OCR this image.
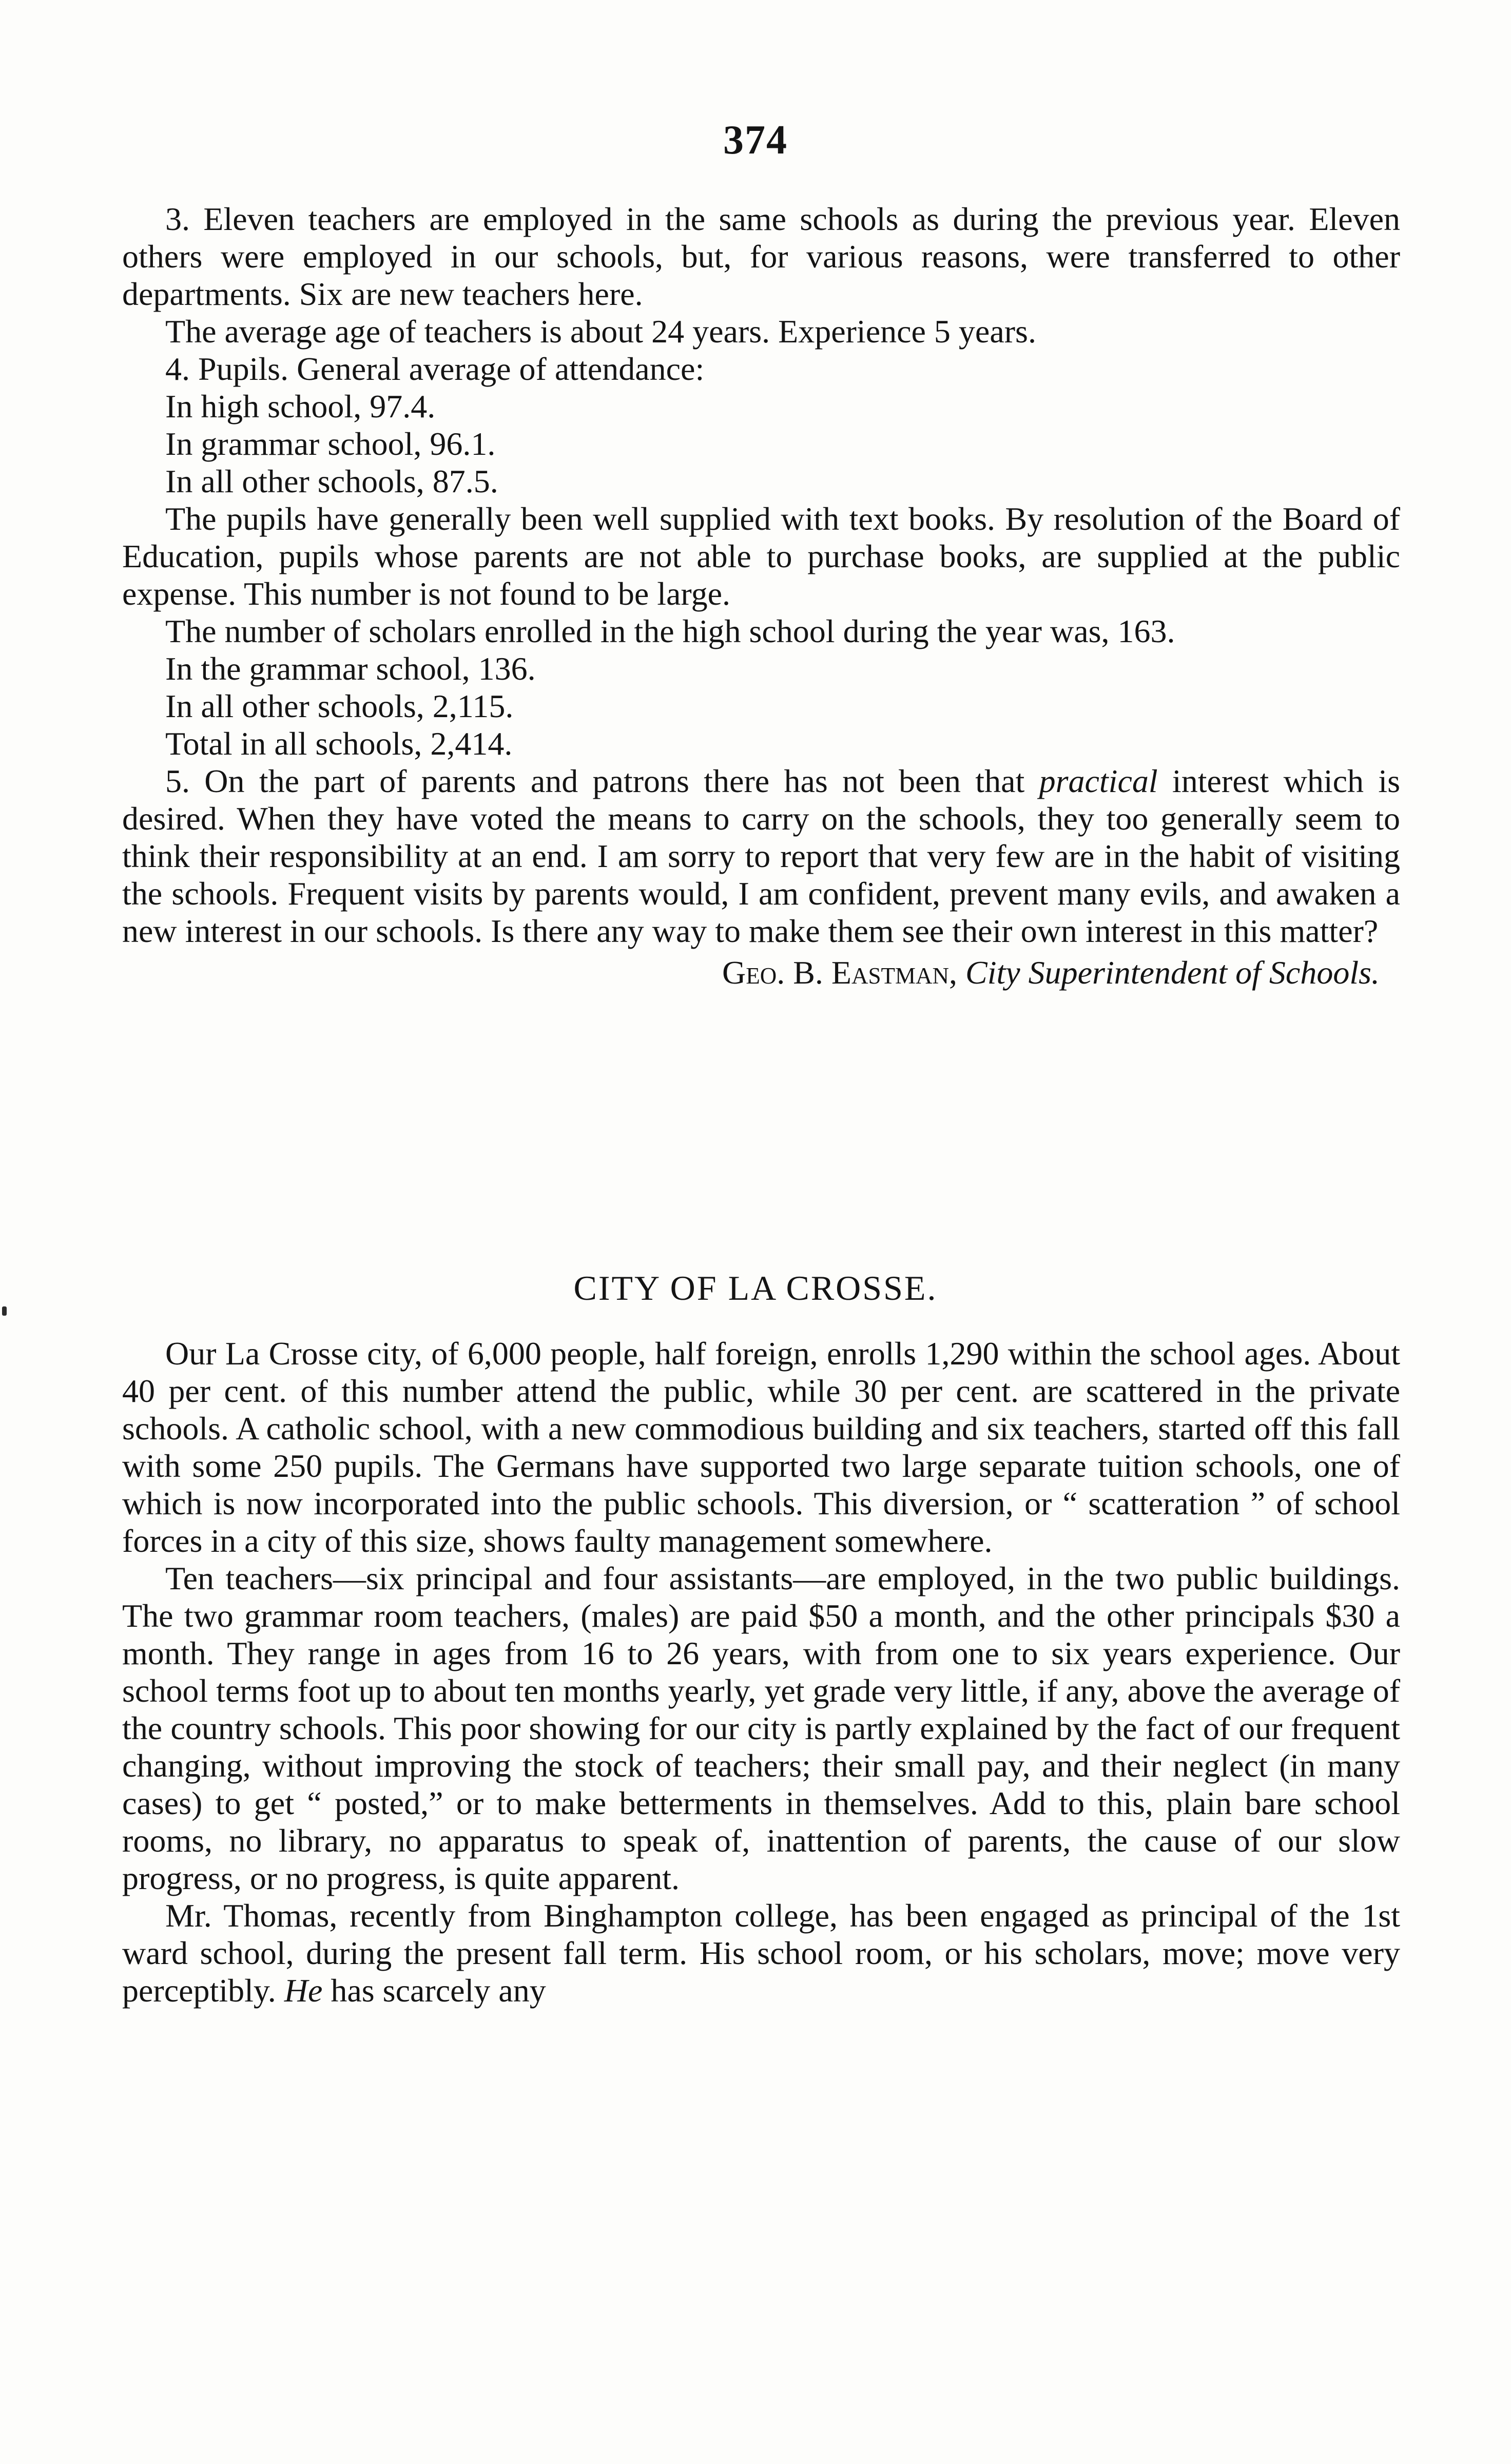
374

3. Eleven teachers are employed in the same schools as during the previous year. Eleven others were employed in our schools, but, for various reasons, were transferred to other departments. Six are new teachers here.

The average age of teachers is about 24 years. Experience 5 years.

4. Pupils. General average of attendance:

In high school, 97.4.

In grammar school, 96.1.

In all other schools, 87.5.

The pupils have generally been well supplied with text books. By resolution of the Board of Education, pupils whose parents are not able to purchase books, are supplied at the public expense. This number is not found to be large.

The number of scholars enrolled in the high school during the year was, 163.

In the grammar school, 136.

In all other schools, 2,115.

Total in all schools, 2,414.

5. On the part of parents and patrons there has not been that practical interest which is desired. When they have voted the means to carry on the schools, they too generally seem to think their responsibility at an end. I am sorry to report that very few are in the habit of visiting the schools. Frequent visits by parents would, I am confident, prevent many evils, and awaken a new interest in our schools. Is there any way to make them see their own interest in this matter?

Geo. B. Eastman, City Superintendent of Schools.

CITY OF LA CROSSE.

Our La Crosse city, of 6,000 people, half foreign, enrolls 1,290 within the school ages. About 40 per cent. of this number attend the public, while 30 per cent. are scattered in the private schools. A catholic school, with a new commodious building and six teachers, started off this fall with some 250 pupils. The Germans have supported two large separate tuition schools, one of which is now incorporated into the public schools. This diversion, or “ scatteration ” of school forces in a city of this size, shows faulty management somewhere.

Ten teachers—six principal and four assistants—are employed, in the two public buildings. The two grammar room teachers, (males) are paid $50 a month, and the other principals $30 a month. They range in ages from 16 to 26 years, with from one to six years experience. Our school terms foot up to about ten months yearly, yet grade very little, if any, above the average of the country schools. This poor showing for our city is partly explained by the fact of our frequent changing, without improving the stock of teachers; their small pay, and their neglect (in many cases) to get “ posted,” or to make betterments in themselves. Add to this, plain bare school rooms, no library, no apparatus to speak of, inattention of parents, the cause of our slow progress, or no progress, is quite apparent.

Mr. Thomas, recently from Binghampton college, has been engaged as principal of the 1st ward school, during the present fall term. His school room, or his scholars, move; move very perceptibly. He has scarcely any
